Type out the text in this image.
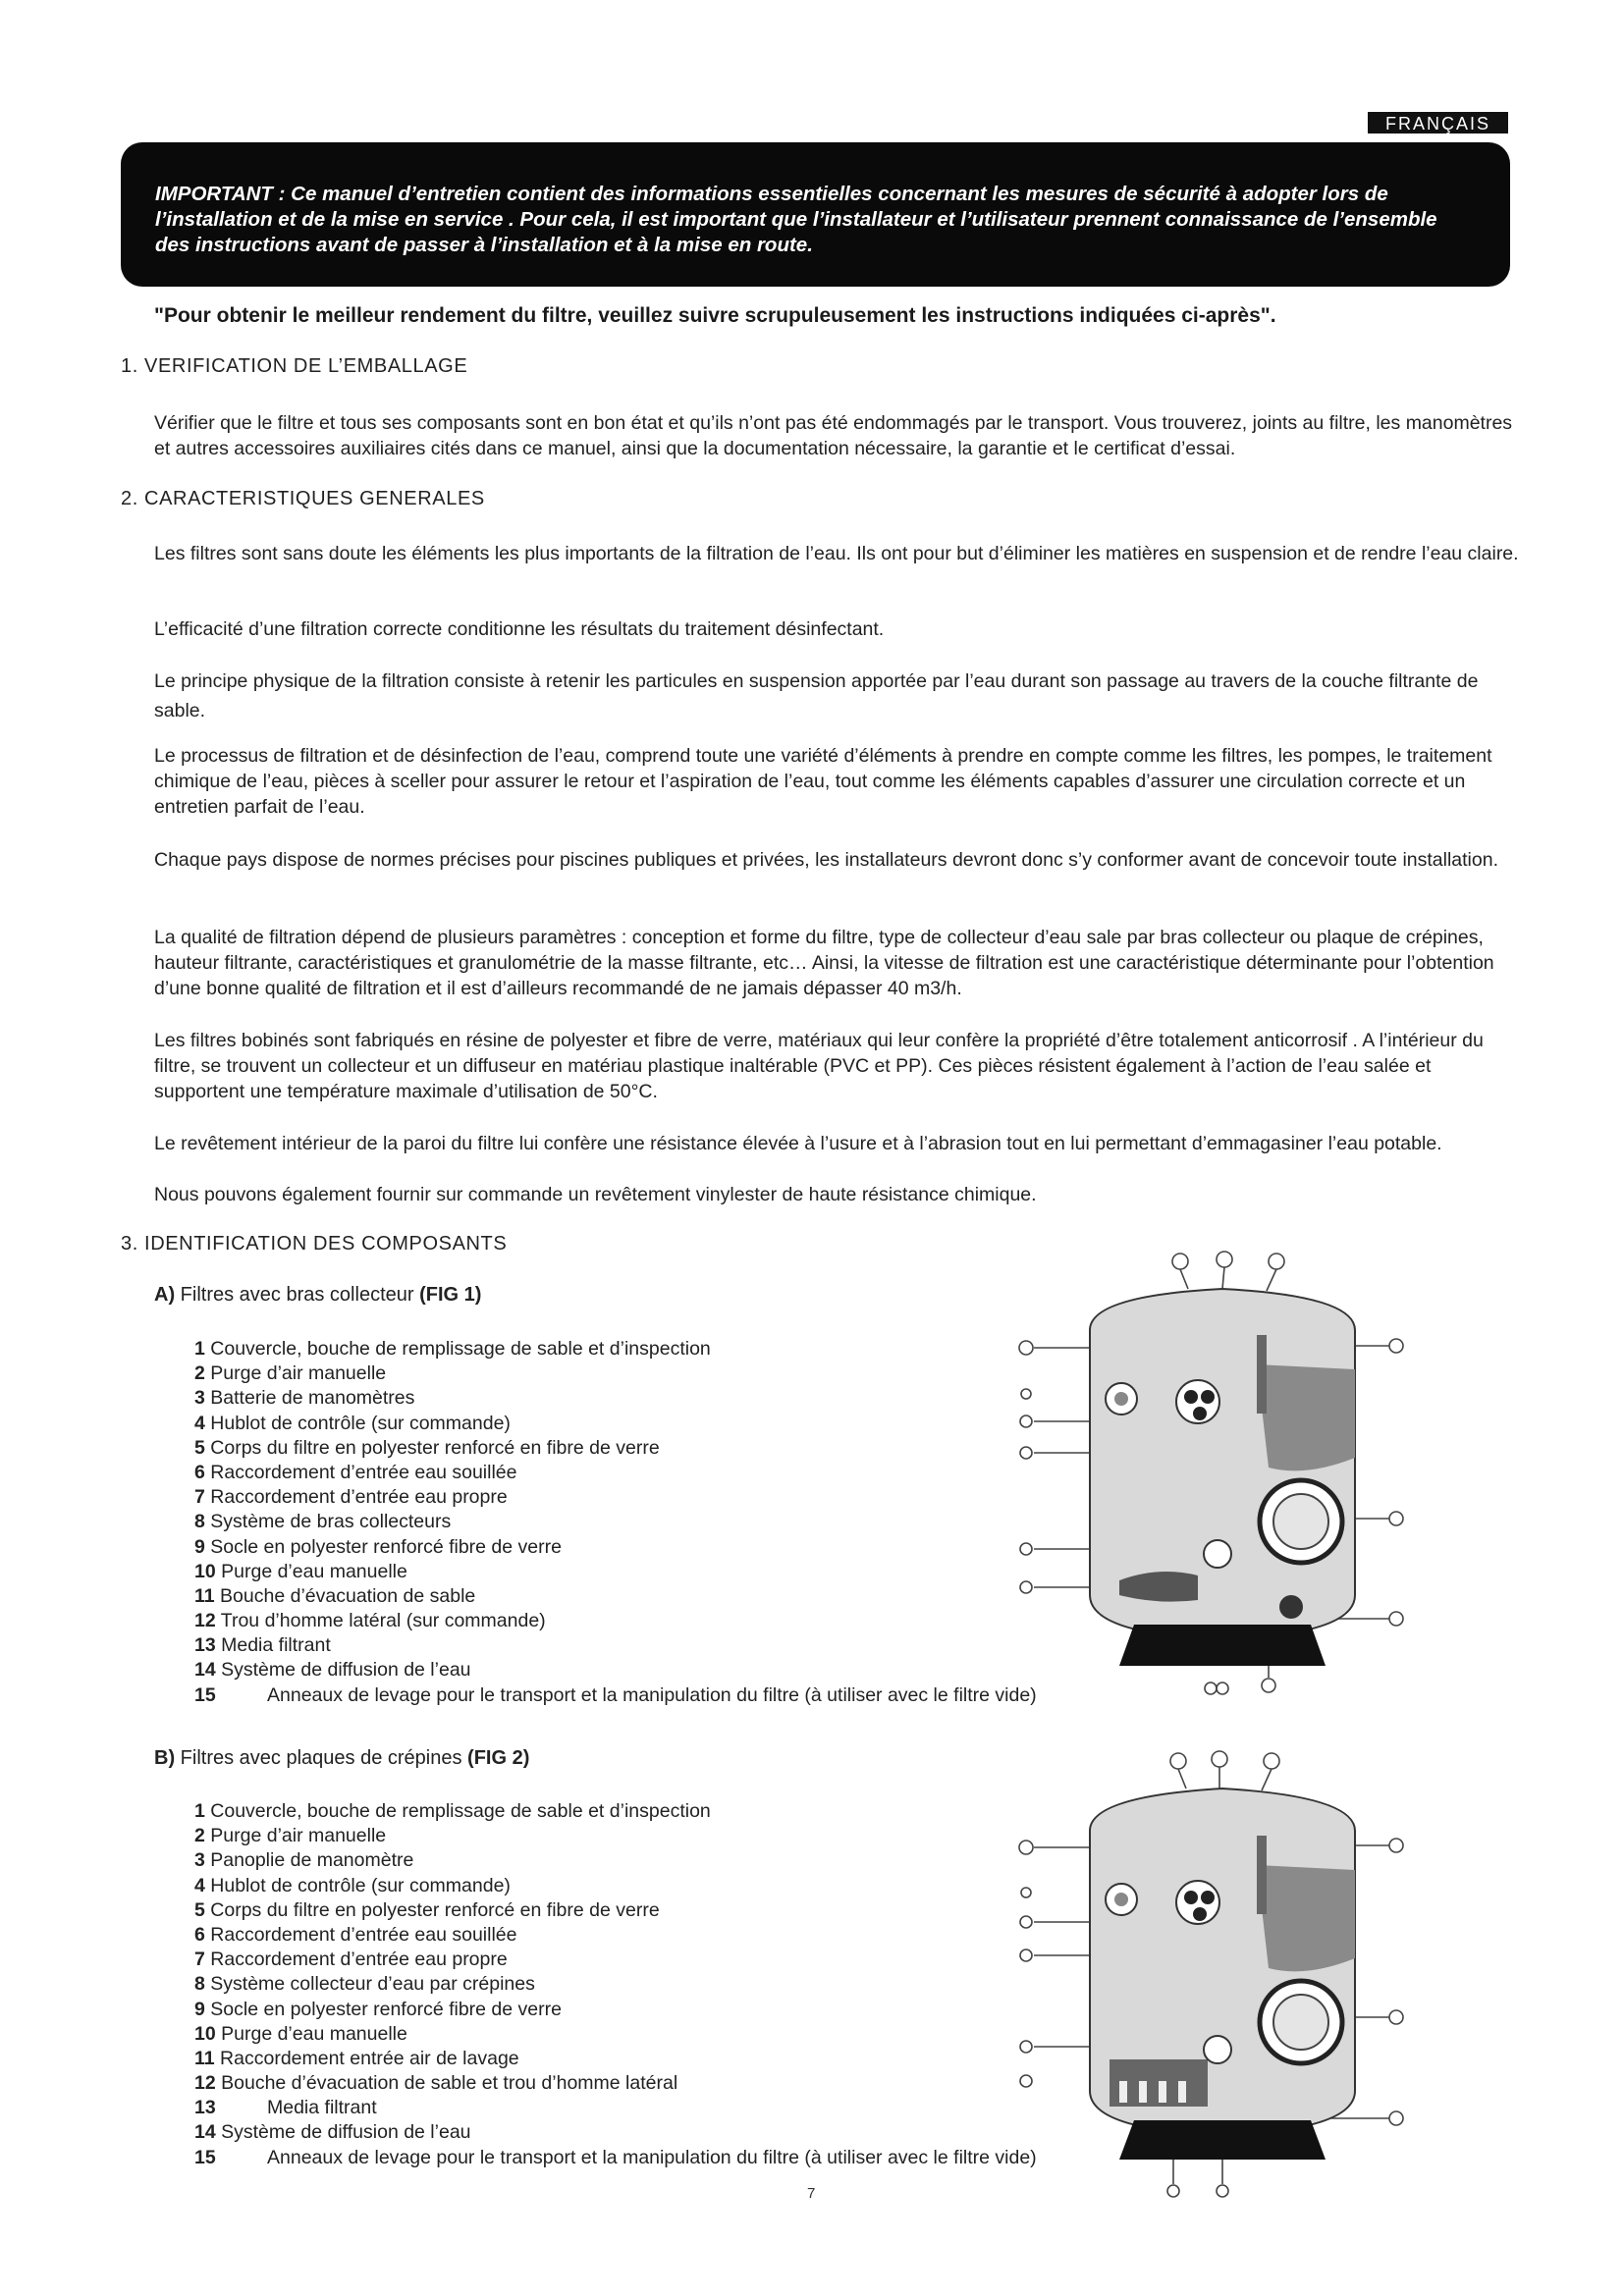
FRANÇAIS
IMPORTANT : Ce manuel d’entretien contient des informations essentielles concernant les mesures de sécurité à adopter lors de l’installation et de la mise en service . Pour cela, il est important que l’installateur et l’utilisateur prennent connaissance de l’ensemble des instructions avant de passer à l’installation et à la mise en route.
"Pour obtenir le meilleur rendement du filtre, veuillez suivre scrupuleusement les instructions indiquées ci-après".
1. VERIFICATION DE L’EMBALLAGE
Vérifier que le filtre et tous ses composants sont en bon état et qu’ils n’ont pas été endommagés par le transport. Vous trouverez, joints au filtre, les manomètres et autres accessoires auxiliaires cités dans ce manuel, ainsi que la documentation nécessaire, la garantie et le certificat d’essai.
2. CARACTERISTIQUES GENERALES
Les filtres sont sans doute les éléments les plus importants de la filtration de l’eau. Ils ont pour but d’éliminer les matières en suspension et de rendre l’eau claire.
L’efficacité d’une filtration correcte conditionne les résultats du traitement désinfectant.
Le principe physique de la filtration consiste à retenir les particules en suspension apportée par l’eau durant son passage au travers de la couche filtrante de sable.
Le processus de filtration et de désinfection de l’eau, comprend toute une variété d’éléments à prendre en compte comme les filtres, les pompes, le traitement chimique de l’eau, pièces à sceller pour assurer le retour et l’aspiration de l’eau, tout comme les éléments capables d’assurer une circulation correcte et un entretien parfait de l’eau.
Chaque pays dispose de normes précises pour piscines publiques et privées, les installateurs devront donc s’y conformer avant de concevoir toute installation.
La qualité de filtration dépend de plusieurs paramètres : conception et forme du filtre, type de collecteur d’eau sale par bras collecteur ou plaque de crépines, hauteur filtrante, caractéristiques et granulométrie de la masse filtrante, etc… Ainsi, la vitesse de filtration est une caractéristique déterminante pour l’obtention d’une bonne qualité de filtration et il est d’ailleurs recommandé de ne jamais dépasser 40 m3/h.
Les filtres bobinés sont fabriqués en résine de polyester et fibre de verre, matériaux qui leur confère la propriété d’être totalement anticorrosif . A l’intérieur du filtre, se trouvent un collecteur et un diffuseur en matériau plastique inaltérable (PVC et PP). Ces pièces résistent également à l’action de l’eau salée et supportent une température maximale d’utilisation de 50°C.
Le revêtement intérieur de la paroi du filtre lui confère une résistance élevée à l’usure et à l’abrasion tout en lui permettant d’emmagasiner l’eau potable.
Nous pouvons également fournir sur commande un revêtement vinylester de haute résistance chimique.
3. IDENTIFICATION DES COMPOSANTS
A) Filtres avec bras collecteur (FIG 1)
1 Couvercle, bouche de remplissage de sable et d’inspection
2 Purge d’air manuelle
3 Batterie de manomètres
4 Hublot de contrôle (sur commande)
5 Corps du filtre en polyester renforcé en fibre de verre
6 Raccordement d’entrée eau souillée
7 Raccordement d’entrée eau propre
8 Système de bras collecteurs
9 Socle en polyester renforcé fibre de verre
10 Purge d’eau manuelle
11 Bouche d’évacuation de sable
12 Trou d’homme latéral (sur commande)
13 Media filtrant
14 Système de diffusion de l’eau
15	Anneaux de levage pour le transport et la manipulation du filtre (à utiliser avec le filtre vide)
B) Filtres avec plaques de crépines (FIG 2)
1 Couvercle, bouche de remplissage de sable et d’inspection
2 Purge d’air manuelle
3 Panoplie de manomètre
4 Hublot de contrôle (sur commande)
5 Corps du filtre en polyester renforcé en fibre de verre
6 Raccordement d’entrée eau souillée
7 Raccordement d’entrée eau propre
8 Système collecteur d’eau par crépines
9 Socle en polyester renforcé fibre de verre
10 Purge d’eau manuelle
11 Raccordement entrée air de lavage
12 Bouche d’évacuation de sable et trou d’homme latéral
13	Media filtrant
14 Système de diffusion de l’eau
15	Anneaux de levage pour le transport et la manipulation du filtre (à utiliser avec le filtre vide)
7
